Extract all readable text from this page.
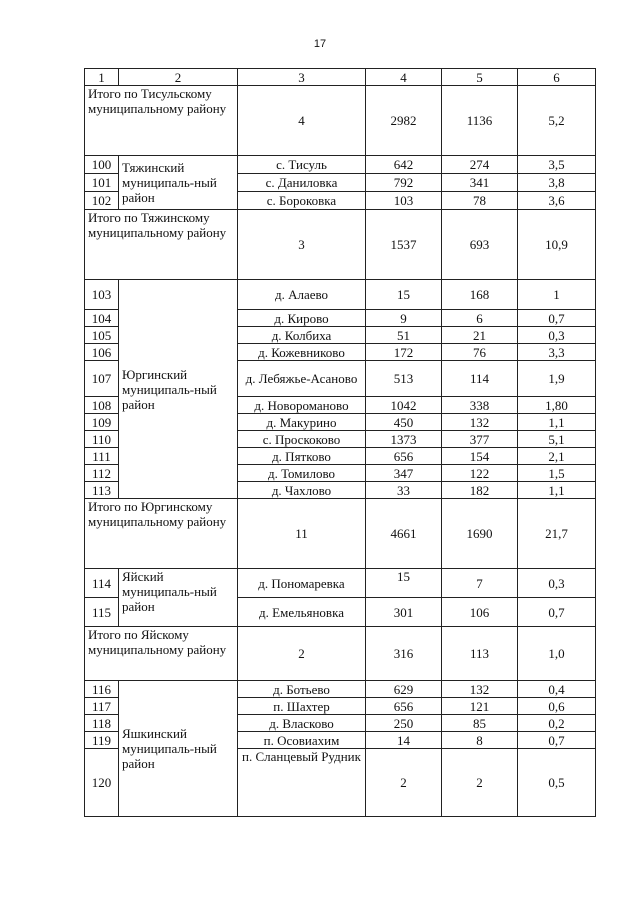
17
1	2	3	4	5	6
Итого по Тисульскому муниципальному району		4	2982	1136	5,2
100	Тяжинский муниципаль-ный район	с. Тисуль	642	274	3,5
101		с. Даниловка	792	341	3,8
102		с. Бороковка	103	78	3,6
Итого по Тяжинскому муниципальному району		3	1537	693	10,9
103	Юргинский муниципаль-ный район	д. Алаево	15	168	1
104		д. Кирово	9	6	0,7
105		д. Колбиха	51	21	0,3
106		д. Кожевниково	172	76	3,3
107		д. Лебяжье-Асаново	513	114	1,9
108		д. Новороманово	1042	338	1,80
109		д. Макурино	450	132	1,1
110		с. Проскоково	1373	377	5,1
111		д. Пятково	656	154	2,1
112		д. Томилово	347	122	1,5
113		д. Чахлово	33	182	1,1
Итого по Юргинскому муниципальному району		11	4661	1690	21,7
114	Яйский муниципаль-ный район	д. Пономаревка	15	7	0,3
115		д. Емельяновка	301	106	0,7
Итого по Яйскому муниципальному району		2	316	113	1,0
116	Яшкинский муниципаль-ный район	д. Ботьево	629	132	0,4
117		п. Шахтер	656	121	0,6
118		д. Власково	250	85	0,2
119		п. Осовиахим	14	8	0,7
120		п. Сланцевый Рудник	2	2	0,5
